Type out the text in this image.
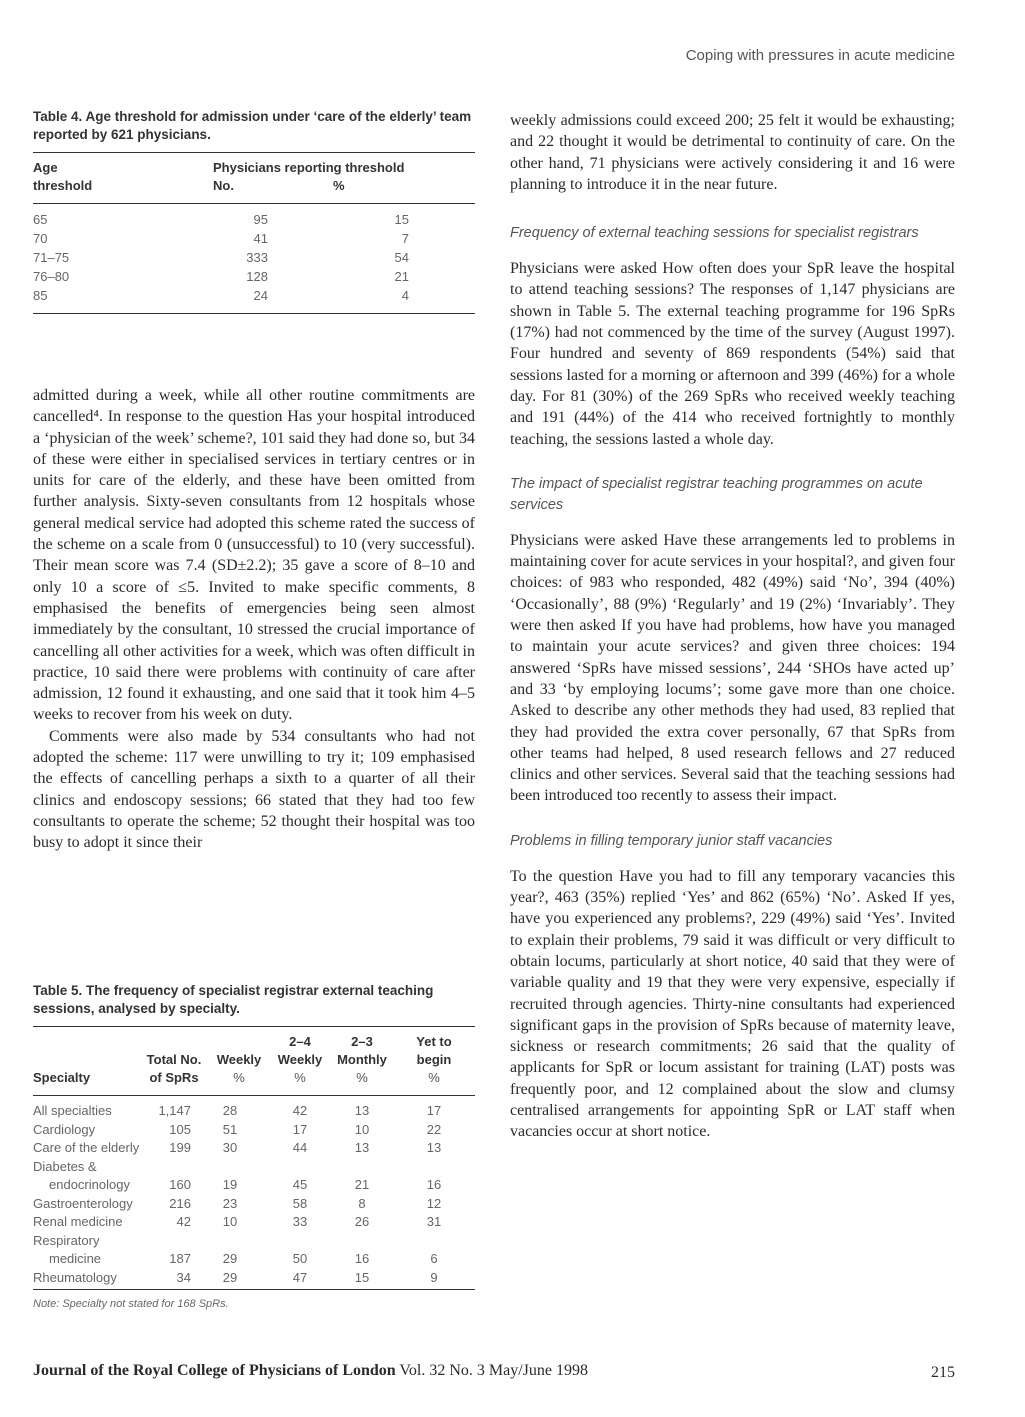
Coping with pressures in acute medicine

Table 4. Age threshold for admission under ‘care of the elderly’ team reported by 621 physicians.

Age	Physicians reporting threshold	
threshold	No.	%
65	95	15
70	41	7
71–75	333	54
76–80	128	21
85	24	4

admitted during a week, while all other routine commitments are cancelled⁴. In response to the question Has your hospital introduced a ‘physician of the week’ scheme?, 101 said they had done so, but 34 of these were either in specialised services in tertiary centres or in units for care of the elderly, and these have been omitted from further analysis. Sixty-seven consultants from 12 hospitals whose general medical service had adopted this scheme rated the success of the scheme on a scale from 0 (unsuccessful) to 10 (very successful). Their mean score was 7.4 (SD±2.2); 35 gave a score of 8–10 and only 10 a score of ≤5. Invited to make specific comments, 8 emphasised the benefits of emergencies being seen almost immediately by the consultant, 10 stressed the crucial importance of cancelling all other activities for a week, which was often difficult in practice, 10 said there were problems with continuity of care after admission, 12 found it exhausting, and one said that it took him 4–5 weeks to recover from his week on duty.

Comments were also made by 534 consultants who had not adopted the scheme: 117 were unwilling to try it; 109 emphasised the effects of cancelling perhaps a sixth to a quarter of all their clinics and endoscopy sessions; 66 stated that they had too few consultants to operate the scheme; 52 thought their hospital was too busy to adopt it since their

Table 5. The frequency of specialist registrar external teaching sessions, analysed by specialty.

			2–4	2–3	Yet to
	Total No.	Weekly	Weekly	Monthly	begin
Specialty	of SpRs	%	%	%	%
All specialties	1,147	28	42	13	17
Cardiology	105	51	17	10	22
Care of the elderly	199	30	44	13	13
Diabetes &					
endocrinology	160	19	45	21	16
Gastroenterology	216	23	58	8	12
Renal medicine	42	10	33	26	31
Respiratory					
medicine	187	29	50	16	6
Rheumatology	34	29	47	15	9
Note: Specialty not stated for 168 SpRs.

weekly admissions could exceed 200; 25 felt it would be exhausting; and 22 thought it would be detrimental to continuity of care. On the other hand, 71 physicians were actively considering it and 16 were planning to introduce it in the near future.

Frequency of external teaching sessions for specialist registrars

Physicians were asked How often does your SpR leave the hospital to attend teaching sessions? The responses of 1,147 physicians are shown in Table 5. The external teaching programme for 196 SpRs (17%) had not commenced by the time of the survey (August 1997). Four hundred and seventy of 869 respondents (54%) said that sessions lasted for a morning or afternoon and 399 (46%) for a whole day. For 81 (30%) of the 269 SpRs who received weekly teaching and 191 (44%) of the 414 who received fortnightly to monthly teaching, the sessions lasted a whole day.

The impact of specialist registrar teaching programmes on acute services

Physicians were asked Have these arrangements led to problems in maintaining cover for acute services in your hospital?, and given four choices: of 983 who responded, 482 (49%) said ‘No’, 394 (40%) ‘Occasionally’, 88 (9%) ‘Regularly’ and 19 (2%) ‘Invariably’. They were then asked If you have had problems, how have you managed to maintain your acute services? and given three choices: 194 answered ‘SpRs have missed sessions’, 244 ‘SHOs have acted up’ and 33 ‘by employing locums’; some gave more than one choice. Asked to describe any other methods they had used, 83 replied that they had provided the extra cover personally, 67 that SpRs from other teams had helped, 8 used research fellows and 27 reduced clinics and other services. Several said that the teaching sessions had been introduced too recently to assess their impact.

Problems in filling temporary junior staff vacancies

To the question Have you had to fill any temporary vacancies this year?, 463 (35%) replied ‘Yes’ and 862 (65%) ‘No’. Asked If yes, have you experienced any problems?, 229 (49%) said ‘Yes’. Invited to explain their problems, 79 said it was difficult or very difficult to obtain locums, particularly at short notice, 40 said that they were of variable quality and 19 that they were very expensive, especially if recruited through agencies. Thirty-nine consultants had experienced significant gaps in the provision of SpRs because of maternity leave, sickness or research commitments; 26 said that the quality of applicants for SpR or locum assistant for training (LAT) posts was frequently poor, and 12 complained about the slow and clumsy centralised arrangements for appointing SpR or LAT staff when vacancies occur at short notice.

Journal of the Royal College of Physicians of London Vol. 32 No. 3 May/June 1998	215
